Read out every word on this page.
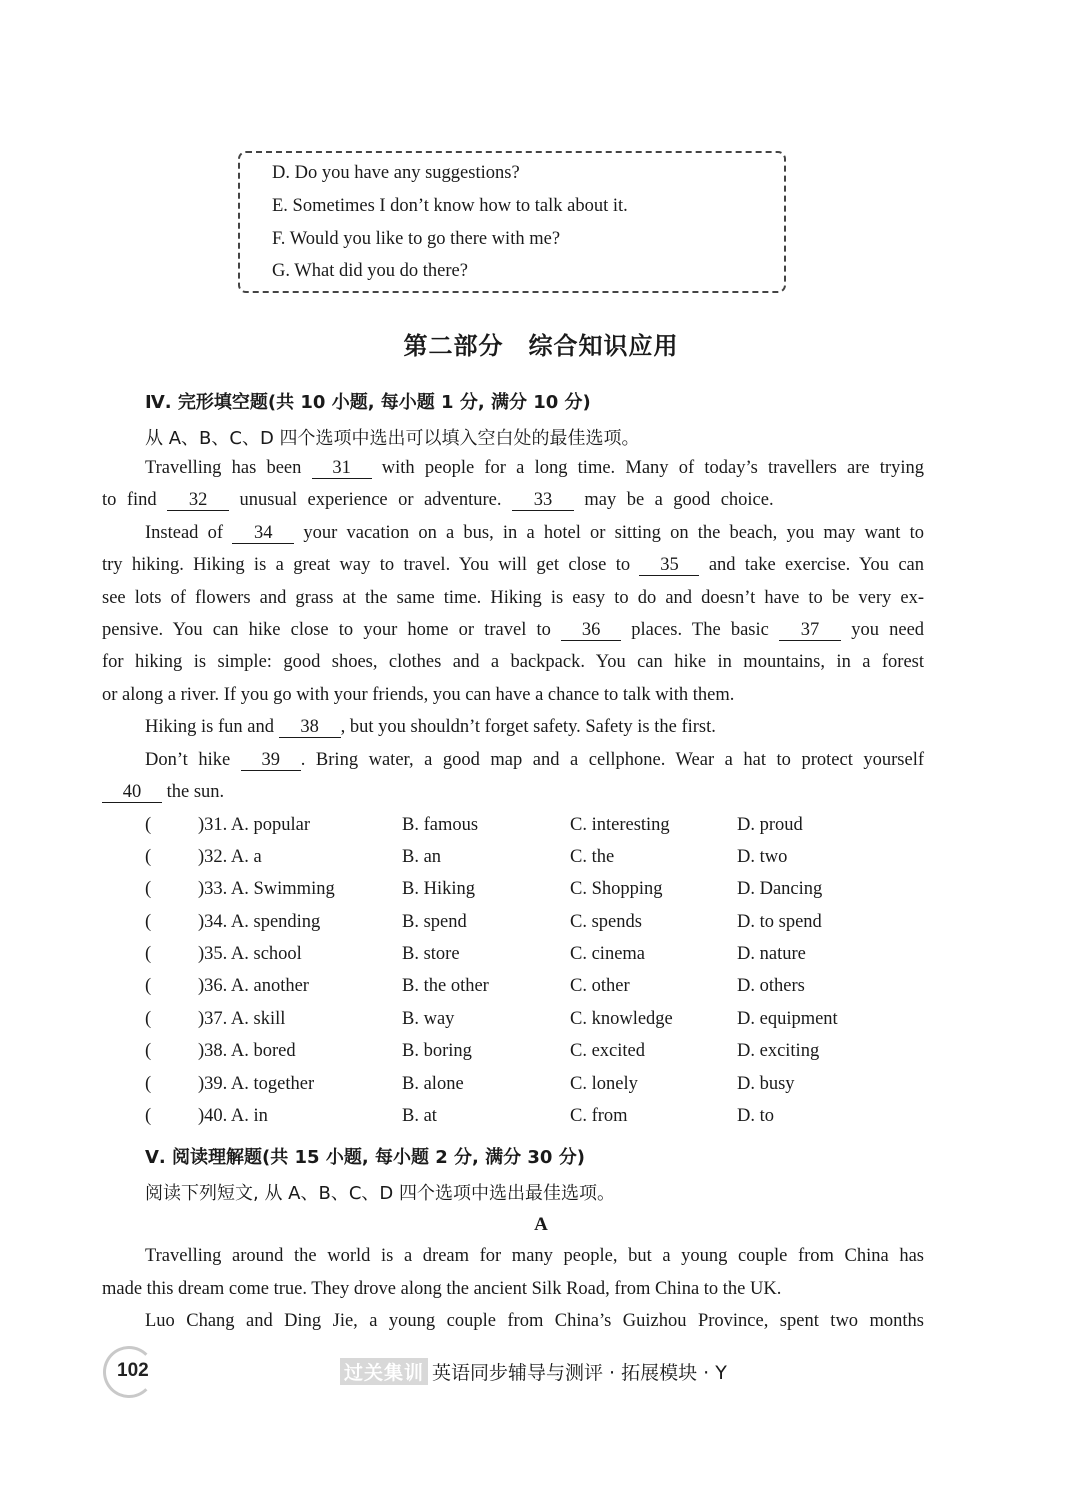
D. Do you have any suggestions?
E. Sometimes I don’t know how to talk about it.
F. Would you like to go there with me?
G. What did you do there?
第二部分　综合知识应用
Ⅳ. 完形填空题(共 10 小题, 每小题 1 分, 满分 10 分)
从 A、B、C、D 四个选项中选出可以填入空白处的最佳选项。
Travelling has been 31 with people for a long time. Many of today’s travellers are trying
to find 32 unusual experience or adventure. 33 may be a good choice.
Instead of 34 your vacation on a bus, in a hotel or sitting on the beach, you may want to
try hiking. Hiking is a great way to travel. You will get close to 35 and take exercise. You can
see lots of flowers and grass at the same time. Hiking is easy to do and doesn’t have to be very ex-
pensive. You can hike close to your home or travel to 36 places. The basic 37 you need
for hiking is simple: good shoes, clothes and a backpack. You can hike in mountains, in a forest
or along a river. If you go with your friends, you can have a chance to talk with them.
Hiking is fun and 38 , but you shouldn’t forget safety. Safety is the first.
Don’t hike 39 . Bring water, a good map and a cellphone. Wear a hat to protect yourself
40 the sun.
(	)31. A. popular	B. famous	C. interesting	D. proud
(	)32. A. a	B. an	C. the	D. two
(	)33. A. Swimming	B. Hiking	C. Shopping	D. Dancing
(	)34. A. spending	B. spend	C. spends	D. to spend
(	)35. A. school	B. store	C. cinema	D. nature
(	)36. A. another	B. the other	C. other	D. others
(	)37. A. skill	B. way	C. knowledge	D. equipment
(	)38. A. bored	B. boring	C. excited	D. exciting
(	)39. A. together	B. alone	C. lonely	D. busy
(	)40. A. in	B. at	C. from	D. to
Ⅴ. 阅读理解题(共 15 小题, 每小题 2 分, 满分 30 分)
阅读下列短文, 从 A、B、C、D 四个选项中选出最佳选项。
A
Travelling around the world is a dream for many people, but a young couple from China has
made this dream come true. They drove along the ancient Silk Road, from China to the UK.
Luo Chang and Ding Jie, a young couple from China’s Guizhou Province, spent two months
102	过关集训 英语同步辅导与测评 · 拓展模块 · Y
